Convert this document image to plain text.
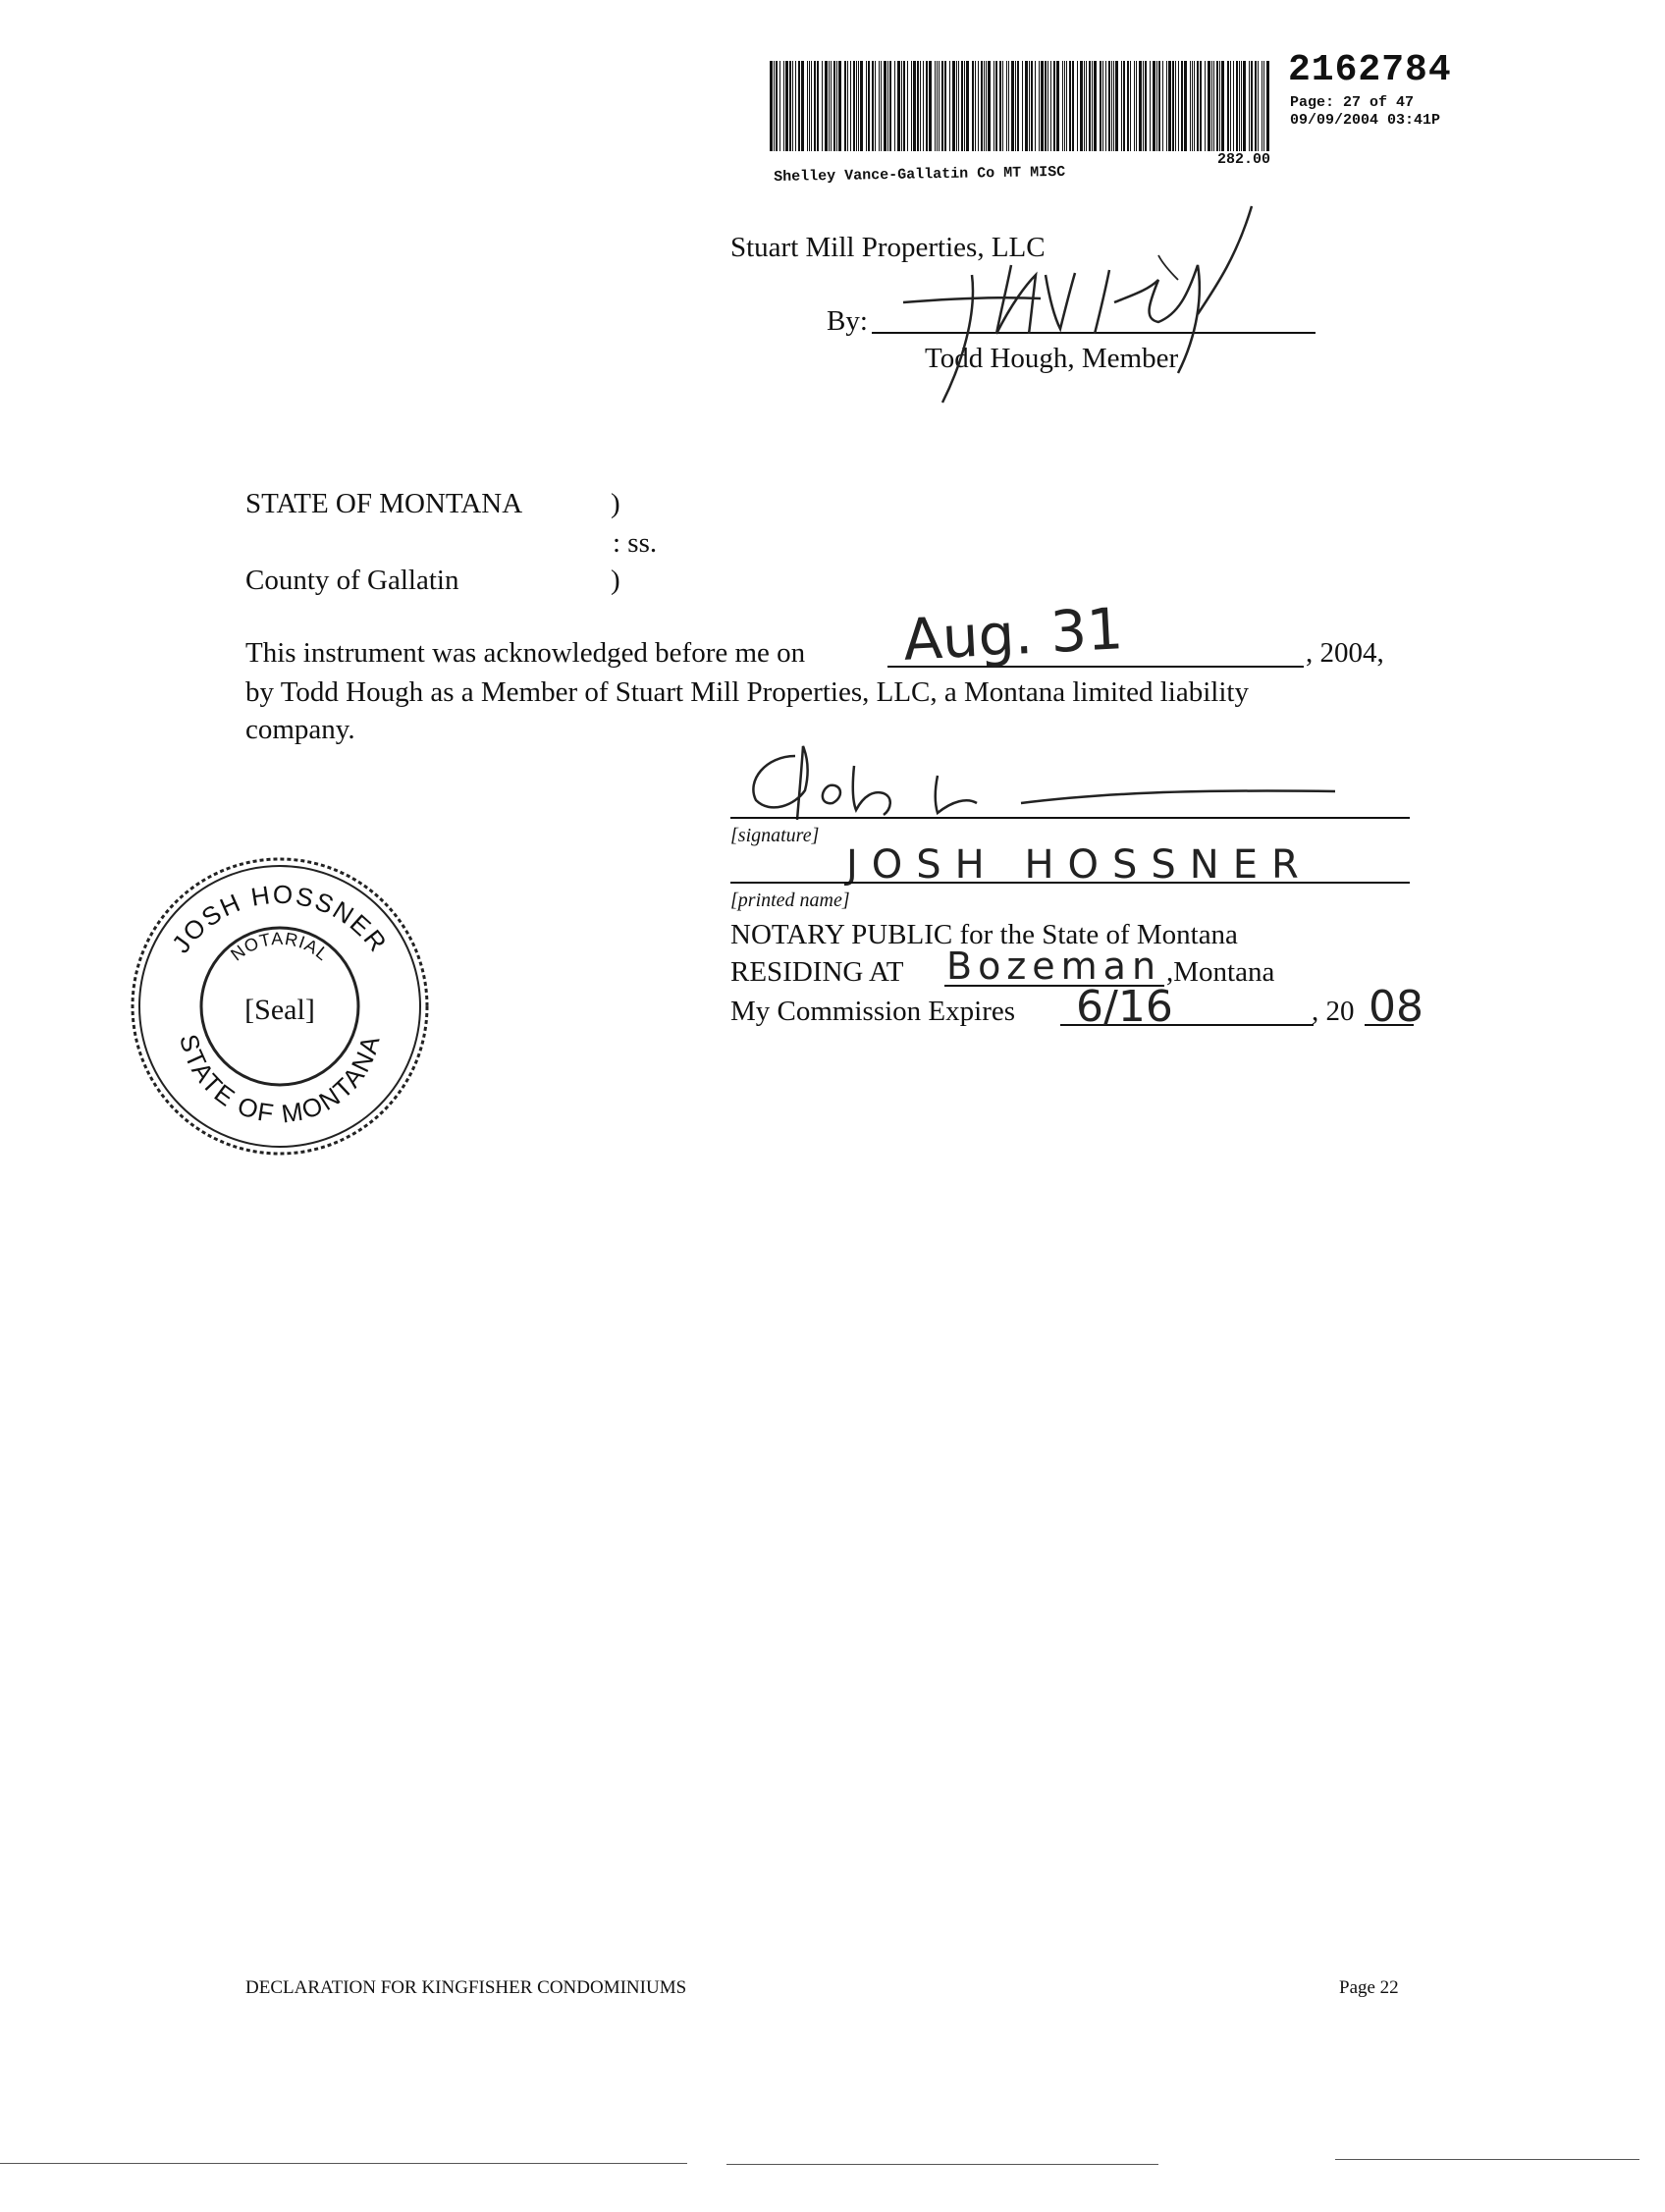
2162784
Page: 27 of 47
09/09/2004 03:41P
Shelley Vance-Gallatin Co MT MISC
282.00
Stuart Mill Properties, LLC
By:
Todd Hough, Member
STATE OF MONTANA	)
: ss.
County of Gallatin	)
This instrument was acknowledged before me on Aug. 31	, 2004,
by Todd Hough as a Member of Stuart Mill Properties, LLC, a Montana limited liability
company.
[signature]
JOSH HOSSNER
[printed name]
NOTARY PUBLIC for the State of Montana
RESIDING AT Bozeman ,Montana
My Commission Expires 6/16	, 20 08
JOSH HOSSNER
NOTARIAL
[Seal]
STATE OF MONTANA
DECLARATION FOR KINGFISHER CONDOMINIUMS	Page 22
